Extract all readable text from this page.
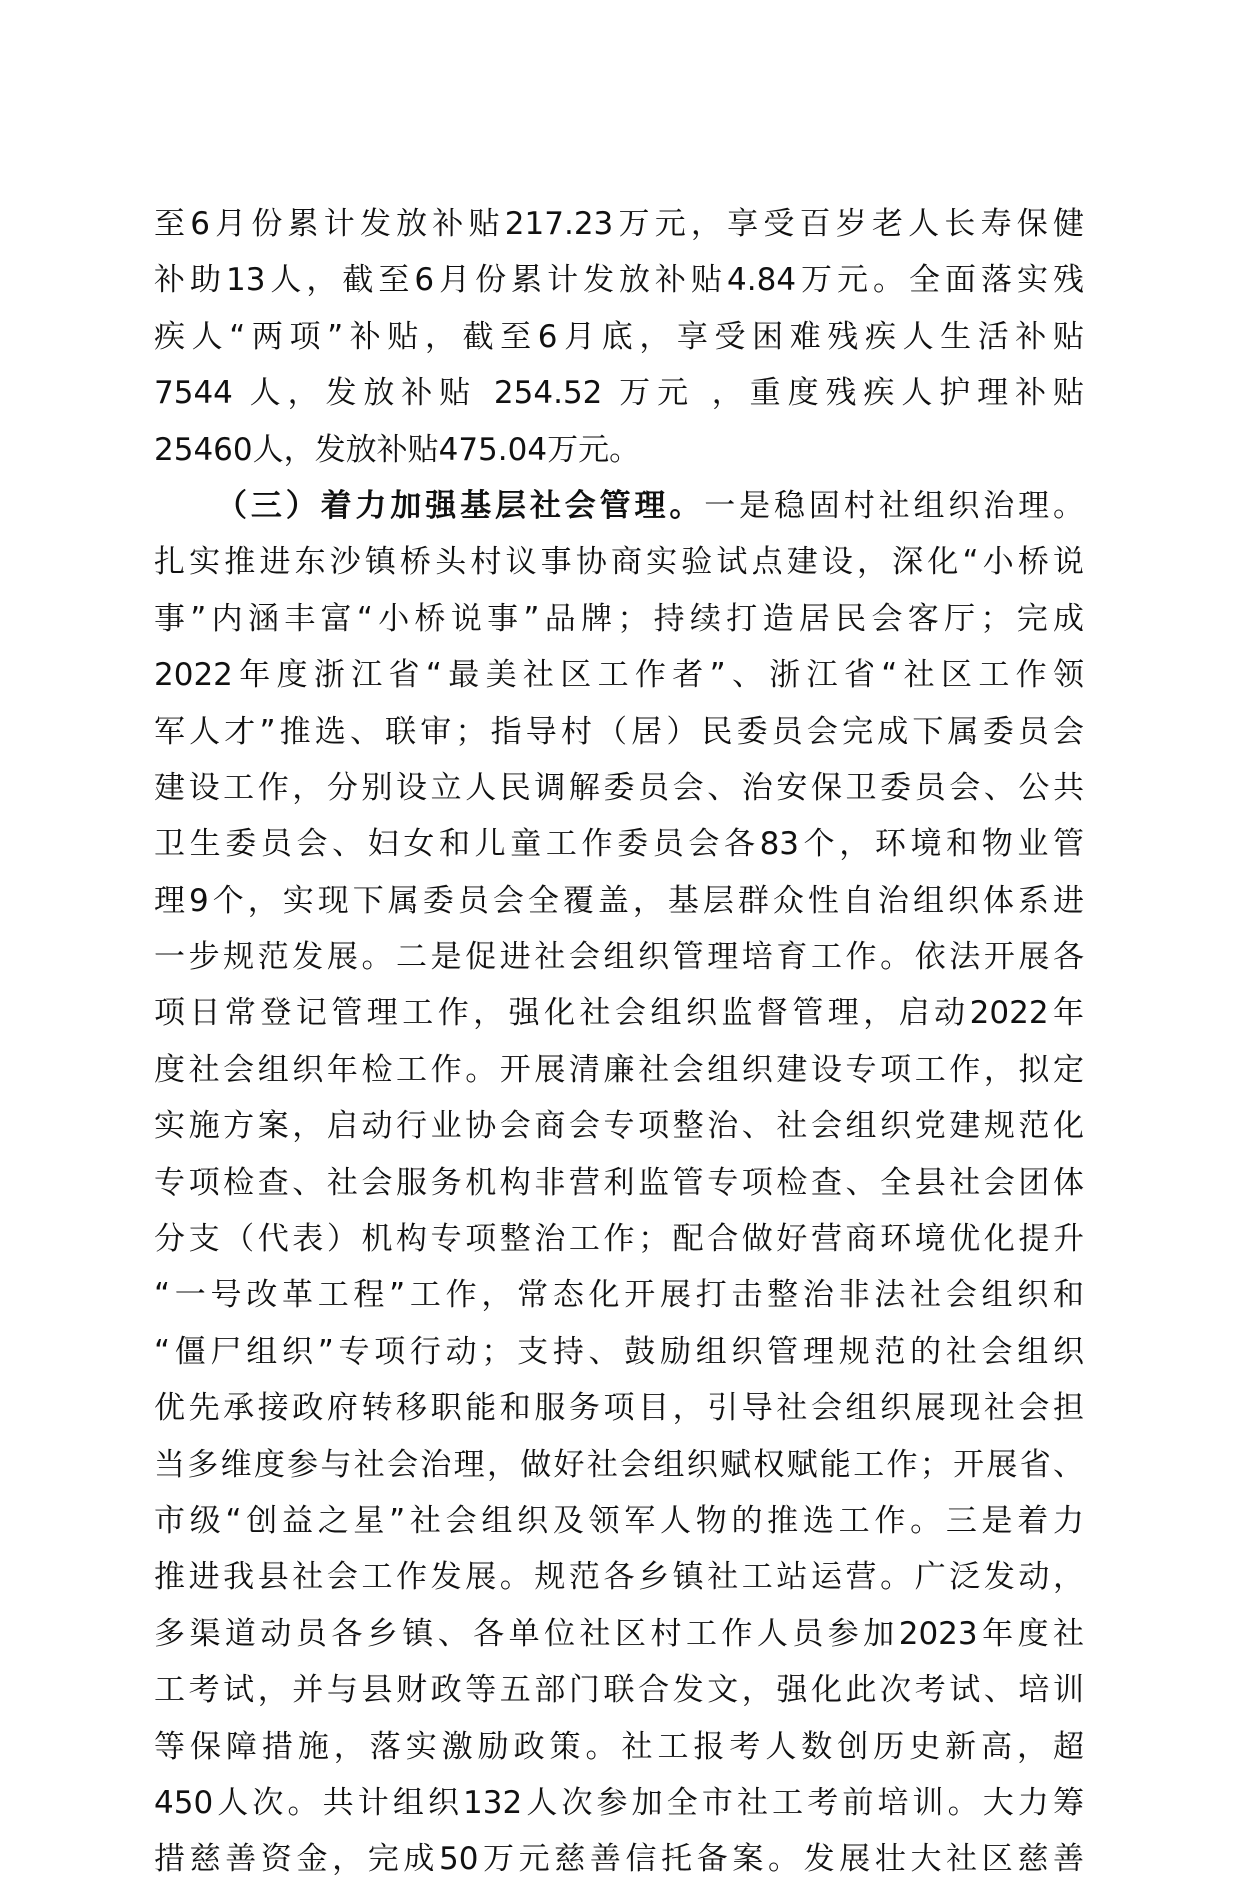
至6月份累计发放补贴217.23万元，享受百岁老人长寿保健
补助13人，截至6月份累计发放补贴4.84万元。全面落实残
疾人“两项”补贴，截至6月底，享受困难残疾人生活补贴
7544 人，发放补贴 254.52 万元 ，重度残疾人护理补贴
25460人，发放补贴475.04万元。
（三）着力加强基层社会管理。一是稳固村社组织治理。
扎实推进东沙镇桥头村议事协商实验试点建设，深化“小桥说
事”内涵丰富“小桥说事”品牌；持续打造居民会客厅；完成
2022年度浙江省“最美社区工作者”、浙江省“社区工作领
军人才”推选、联审；指导村（居）民委员会完成下属委员会
建设工作，分别设立人民调解委员会、治安保卫委员会、公共
卫生委员会、妇女和儿童工作委员会各83个，环境和物业管
理9个，实现下属委员会全覆盖，基层群众性自治组织体系进
一步规范发展。二是促进社会组织管理培育工作。依法开展各
项日常登记管理工作，强化社会组织监督管理，启动2022年
度社会组织年检工作。开展清廉社会组织建设专项工作，拟定
实施方案，启动行业协会商会专项整治、社会组织党建规范化
专项检查、社会服务机构非营利监管专项检查、全县社会团体
分支（代表）机构专项整治工作；配合做好营商环境优化提升
“一号改革工程”工作，常态化开展打击整治非法社会组织和
“僵尸组织”专项行动；支持、鼓励组织管理规范的社会组织
优先承接政府转移职能和服务项目，引导社会组织展现社会担
当多维度参与社会治理，做好社会组织赋权赋能工作；开展省、
市级“创益之星”社会组织及领军人物的推选工作。三是着力
推进我县社会工作发展。规范各乡镇社工站运营。广泛发动，
多渠道动员各乡镇、各单位社区村工作人员参加2023年度社
工考试，并与县财政等五部门联合发文，强化此次考试、培训
等保障措施，落实激励政策。社工报考人数创历史新高，超
450人次。共计组织132人次参加全市社工考前培训。大力筹
措慈善资金，完成50万元慈善信托备案。发展壮大社区慈善
